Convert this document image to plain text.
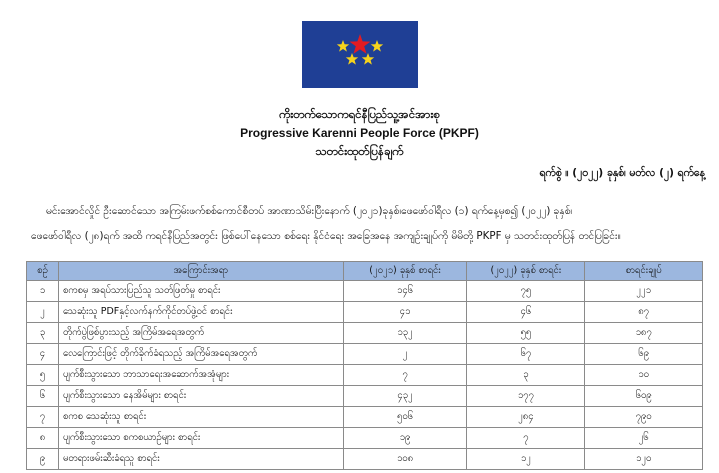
ကိုးတက်သောကရင်နီပြည်သူ့အင်အားစု
Progressive Karenni People Force (PKPF)
သတင်းထုတ်ပြန်ချက်
ရက်စွဲ ။ (၂၀၂၂) ခုနှစ်၊ မတ်လ (၂) ရက်နေ့
မင်းအောင်လှိုင် ဦးဆောင်သော အကြမ်းဖက်စစ်ကောင်စီတပ် အာဏာသိမ်းပြီးနောက် (၂၀၂၁)ခုနှစ်၊ဖေဖော်ဝါရီလ (၁) ရက်နေ့မှစ၍ (၂၀၂၂) ခုနှစ်၊
ဖေဖော်ဝါရီလ (၂၈)ရက် အထိ ကရင်နီပြည်အတွင်း ဖြစ်ပေါ်နေသော စစ်ရေး နိုင်ငံရေး အခြေအနေ အကျဉ်းချုပ်ကို မိမိတို့ PKPF မှ သတင်းထုတ်ပြန် တင်ပြခြင်း။
စဉ်	အကြောင်းအရာ	(၂၀၂၁) ခုနှစ် စာရင်း	(၂၀၂၂) ခုနှစ် စာရင်း	စာရင်းချုပ်
၁	စကစမှ အရပ်သားပြည်သူ သတ်ဖြတ်မှု စာရင်း	၁၄၆	၇၅	၂၂၁
၂	သေဆုံးသူ PDFနှင့်လက်နက်ကိုင်တပ်ဖွဲ့ဝင် စာရင်း	၄၁	၄၆	၈၇
၃	တိုက်ပွဲဖြစ်ပွားသည့် အကြိမ်အရေအတွက်	၁၃၂	၅၅	၁၈၇
၄	လေကြောင်းဖြင့် တိုက်ခိုက်ခံရသည့် အကြိမ်အရေအတွက်	၂	၆၇	၆၉
၅	ပျက်စီးသွားသော ဘာသာရေးအဆောက်အအုံများ	၇	၃	၁၀
၆	ပျက်စီးသွားသော နေအိမ်များ စာရင်း	၄၃၂	၁၇၇	၆၀၉
၇	စကစ သေဆုံးသူ စာရင်း	၅၀၆	၂၈၄	၇၉၀
၈	ပျက်စီးသွားသော စကစယာဉ်များ စာရင်း	၁၉	၇	၂၆
၉	မတရားဖမ်းဆီးခံရသူ စာရင်း	၁၀၈	၁၂	၁၂၀
